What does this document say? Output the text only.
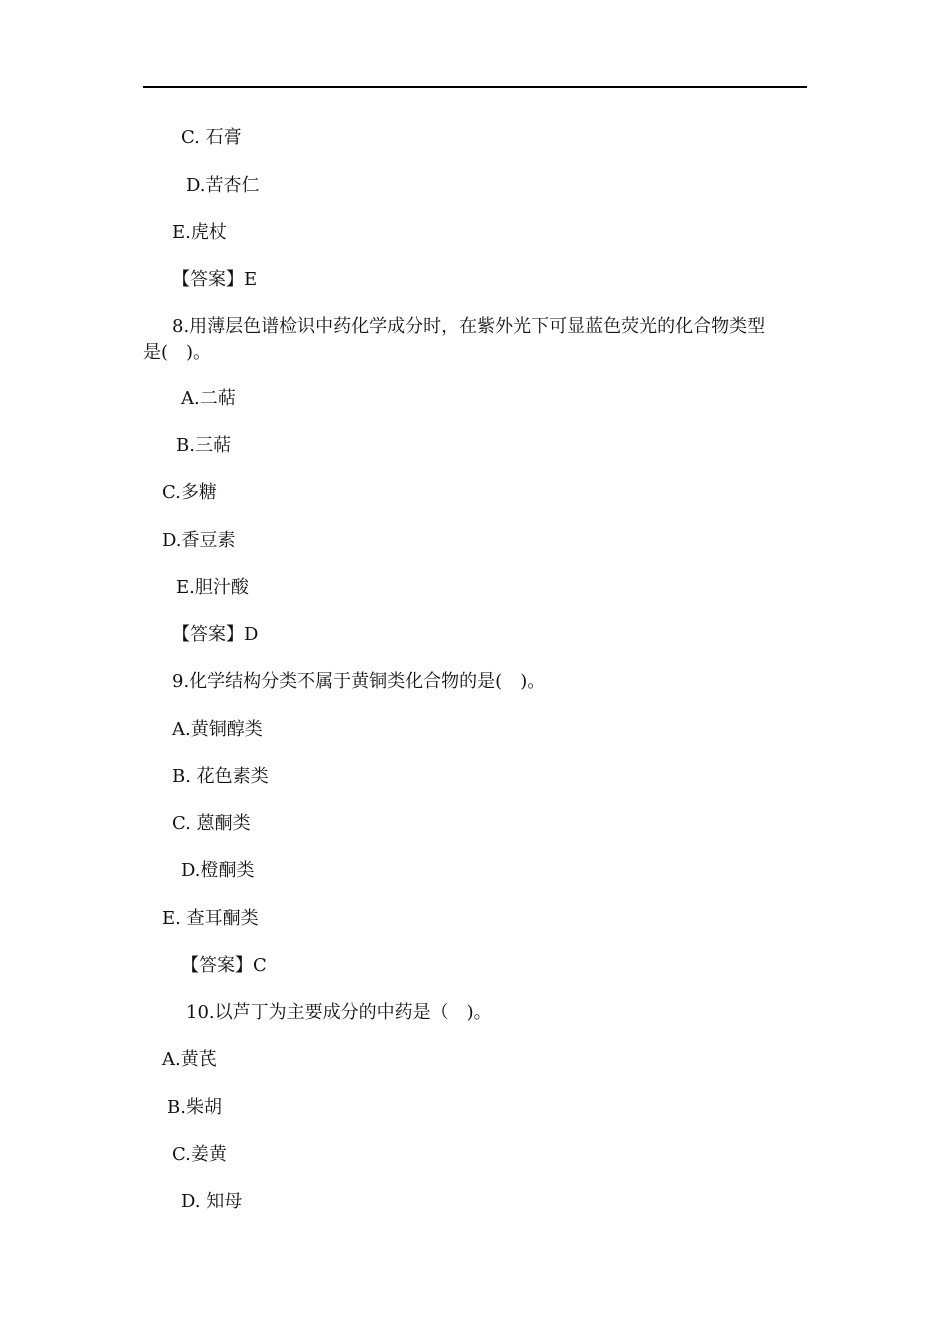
C. 石膏
D.苦杏仁
E.虎杖
【答案】E
8.用薄层色谱检识中药化学成分时，在紫外光下可显蓝色荧光的化合物类型
是(　)。
A.二萜
B.三萜
C.多糖
D.香豆素
E.胆汁酸
【答案】D
9.化学结构分类不属于黄铜类化合物的是(　)。
A.黄铜醇类
B. 花色素类
C. 蒽酮类
D.橙酮类
E. 查耳酮类
【答案】C
10.以芦丁为主要成分的中药是（　)。
A.黄芪
B.柴胡
C.姜黄
D. 知母
